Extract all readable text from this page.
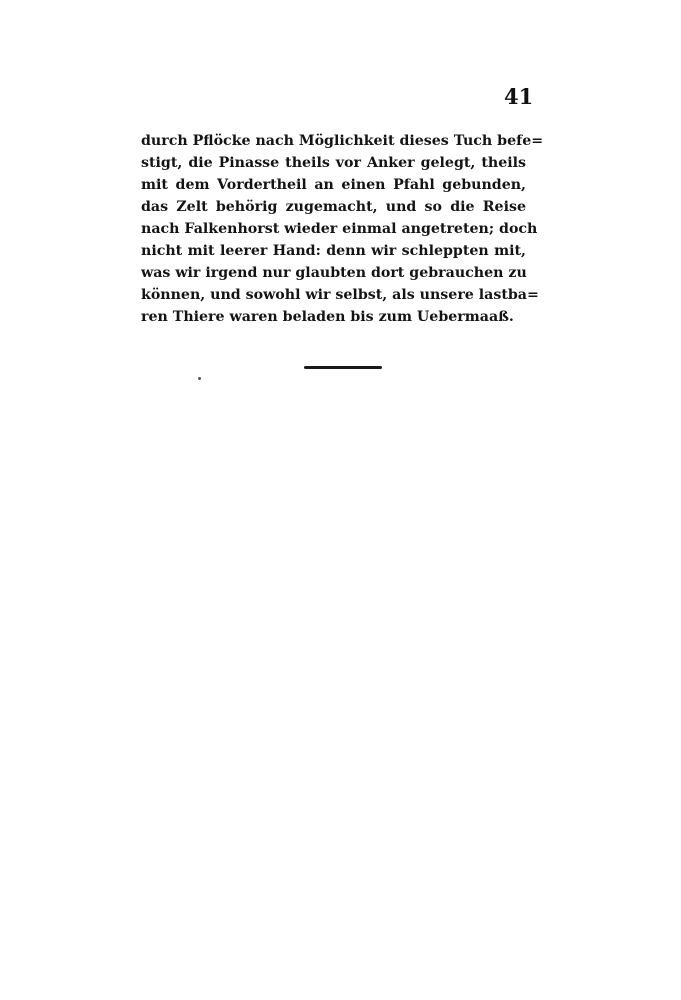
41
durch Pflöcke nach Möglichkeit dieses Tuch befe=
stigt, die Pinasse theils vor Anker gelegt, theils
mit dem Vordertheil an einen Pfahl gebunden,
das Zelt behörig zugemacht, und so die Reise
nach Falkenhorst wieder einmal angetreten; doch
nicht mit leerer Hand: denn wir schleppten mit,
was wir irgend nur glaubten dort gebrauchen zu
können, und sowohl wir selbst, als unsere lastba=
ren Thiere waren beladen bis zum Uebermaaß.
